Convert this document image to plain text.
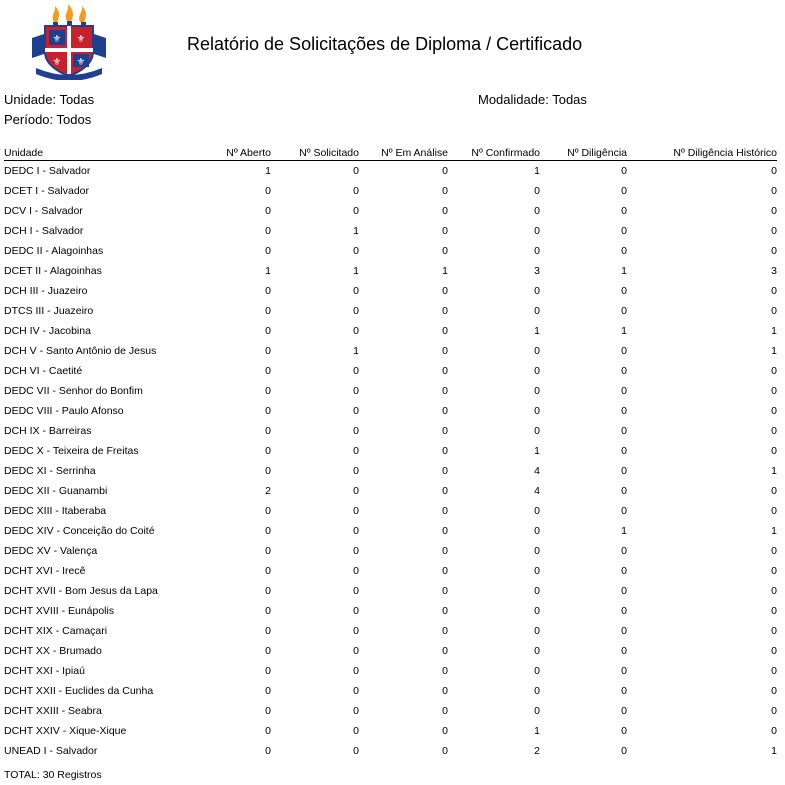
⚜ ⚜
⚜ ⚜
Relatório de Solicitações de Diploma / Certificado
Unidade: Todas	Modalidade: Todas
Período: Todos
Unidade	Nº Aberto	Nº Solicitado	Nº Em Análise	Nº Confirmado	Nº Diligência	Nº Diligência Histórico
DEDC I - Salvador	1	0	0	1	0	0
DCET I - Salvador	0	0	0	0	0	0
DCV I - Salvador	0	0	0	0	0	0
DCH I - Salvador	0	1	0	0	0	0
DEDC II - Alagoinhas	0	0	0	0	0	0
DCET II - Alagoinhas	1	1	1	3	1	3
DCH III - Juazeiro	0	0	0	0	0	0
DTCS III - Juazeiro	0	0	0	0	0	0
DCH IV - Jacobina	0	0	0	1	1	1
DCH V - Santo Antônio de Jesus	0	1	0	0	0	1
DCH VI - Caetité	0	0	0	0	0	0
DEDC VII - Senhor do Bonfim	0	0	0	0	0	0
DEDC VIII - Paulo Afonso	0	0	0	0	0	0
DCH IX - Barreiras	0	0	0	0	0	0
DEDC X - Teixeira de Freitas	0	0	0	1	0	0
DEDC XI - Serrinha	0	0	0	4	0	1
DEDC XII - Guanambi	2	0	0	4	0	0
DEDC XIII - Itaberaba	0	0	0	0	0	0
DEDC XIV - Conceição do Coité	0	0	0	0	1	1
DEDC XV - Valença	0	0	0	0	0	0
DCHT XVI - Irecê	0	0	0	0	0	0
DCHT XVII - Bom Jesus da Lapa	0	0	0	0	0	0
DCHT XVIII - Eunápolis	0	0	0	0	0	0
DCHT XIX - Camaçari	0	0	0	0	0	0
DCHT XX - Brumado	0	0	0	0	0	0
DCHT XXI - Ipiaú	0	0	0	0	0	0
DCHT XXII - Euclides da Cunha	0	0	0	0	0	0
DCHT XXIII - Seabra	0	0	0	0	0	0
DCHT XXIV - Xique-Xique	0	0	0	1	0	0
UNEAD I - Salvador	0	0	0	2	0	1
TOTAL: 30 Registros
